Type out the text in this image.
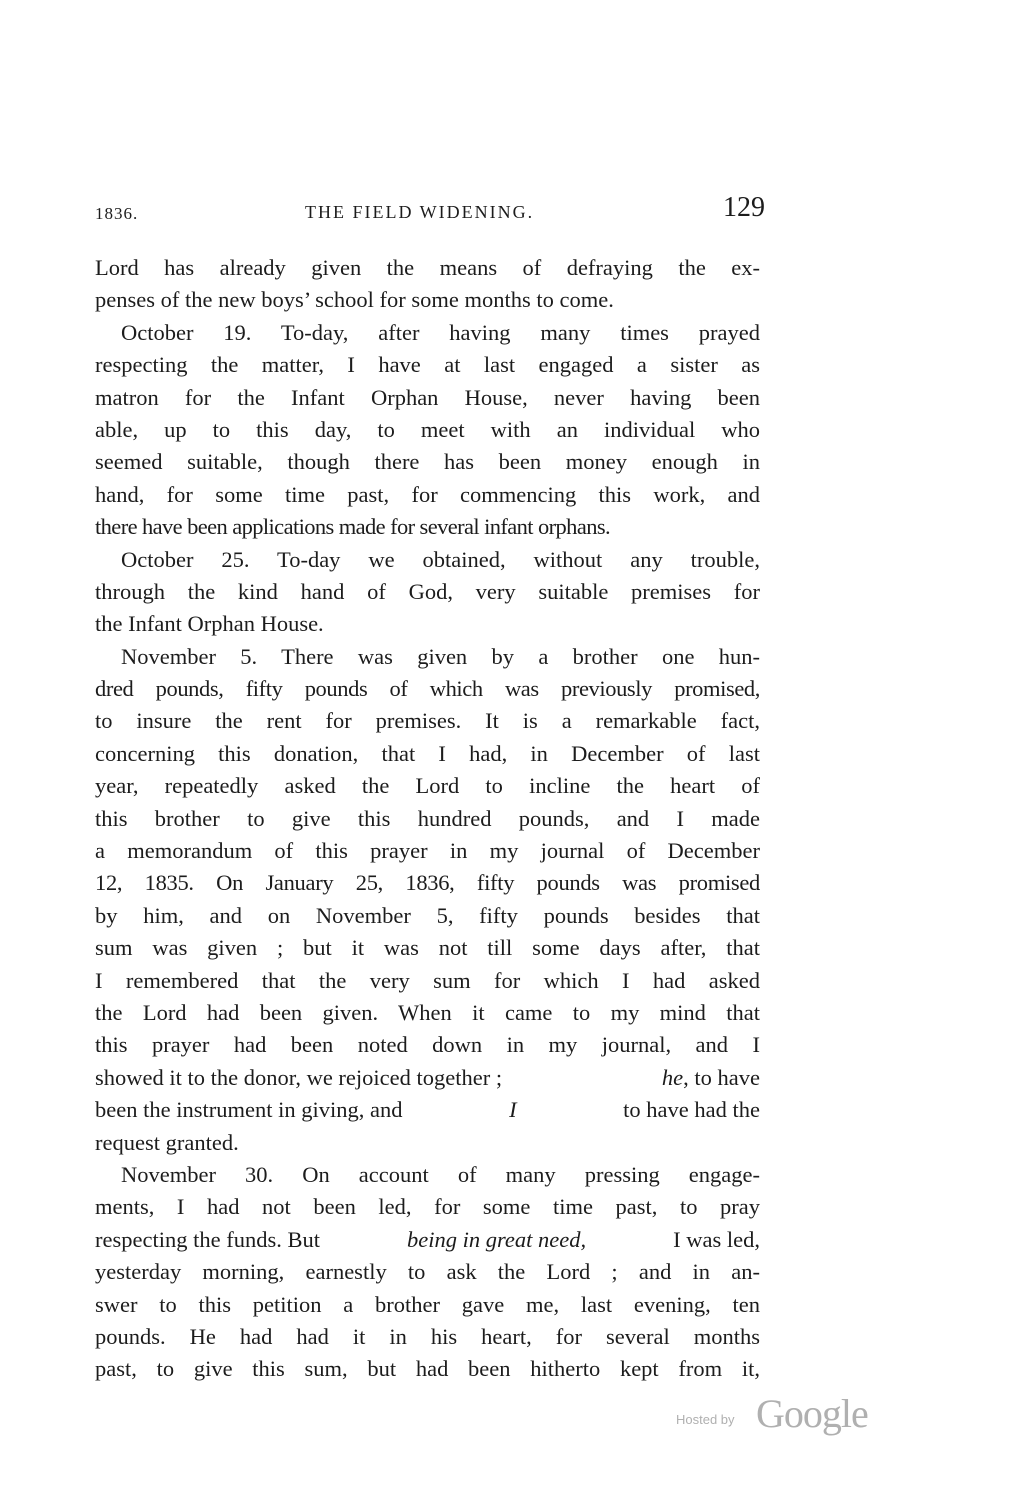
1836.	THE FIELD WIDENING.	129
Lord has already given the means of defraying the ex-
penses of the new boys’ school for some months to come.
October 19. To-day, after having many times prayed
respecting the matter, I have at last engaged a sister as
matron for the Infant Orphan House, never having been
able, up to this day, to meet with an individual who
seemed suitable, though there has been money enough in
hand, for some time past, for commencing this work, and
there have been applications made for several infant orphans.
October 25. To-day we obtained, without any trouble,
through the kind hand of God, very suitable premises for
the Infant Orphan House.
November 5. There was given by a brother one hun-
dred pounds, fifty pounds of which was previously promised,
to insure the rent for premises. It is a remarkable fact,
concerning this donation, that I had, in December of last
year, repeatedly asked the Lord to incline the heart of
this brother to give this hundred pounds, and I made
a memorandum of this prayer in my journal of December
12, 1835. On January 25, 1836, fifty pounds was promised
by him, and on November 5, fifty pounds besides that
sum was given ; but it was not till some days after, that
I remembered that the very sum for which I had asked
the Lord had been given. When it came to my mind that
this prayer had been noted down in my journal, and I
showed it to the donor, we rejoiced together ;	he, to have
been the instrument in giving, and	I	to have had the
request granted.
November 30. On account of many pressing engage-
ments, I had not been led, for some time past, to pray
respecting the funds. But	being in great need,	I was led,
yesterday morning, earnestly to ask the Lord ; and in an-
swer to this petition a brother gave me, last evening, ten
pounds. He had had it in his heart, for several months
past, to give this sum, but had been hitherto kept from it,
Hosted by Google
